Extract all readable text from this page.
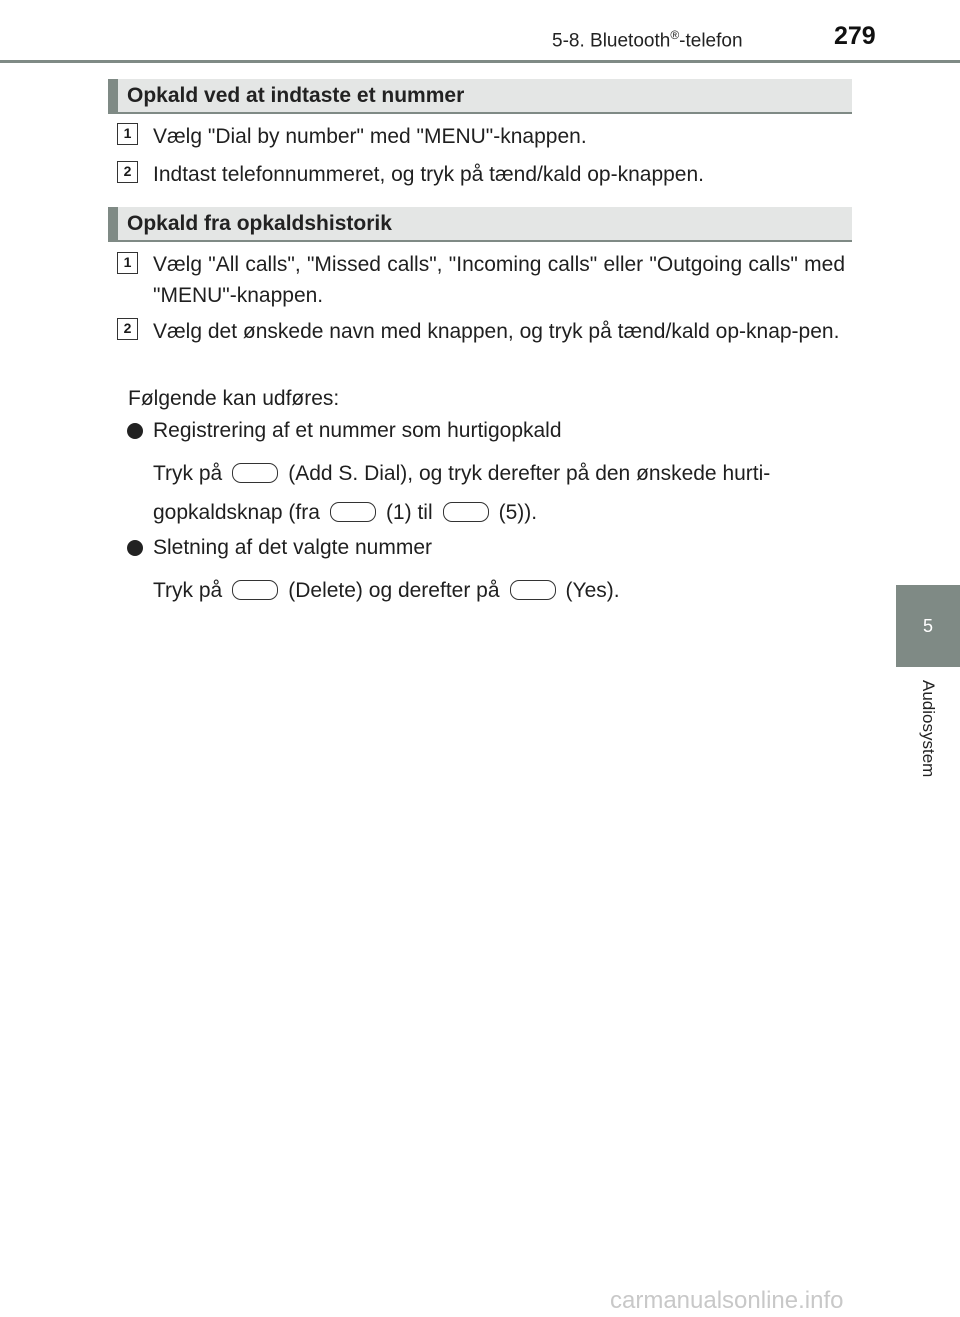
5-8. Bluetooth®-telefon	279
5
Audiosystem
Opkald ved at indtaste et nummer
1	Vælg "Dial by number" med "MENU"-knappen.
2	Indtast telefonnummeret, og tryk på tænd/kald op-knappen.
Opkald fra opkaldshistorik
1	Vælg "All calls", "Missed calls", "Incoming calls" eller "Outgoing calls" med "MENU"-knappen.
2	Vælg det ønskede navn med knappen, og tryk på tænd/kald op-knap-pen.
Følgende kan udføres:
Registrering af et nummer som hurtigopkald
Tryk på	(Add S. Dial), og tryk derefter på den ønskede hurti-
gopkaldsknap (fra	(1) til	(5)).
Sletning af det valgte nummer
Tryk på	(Delete) og derefter på	(Yes).
carmanualsonline.info
